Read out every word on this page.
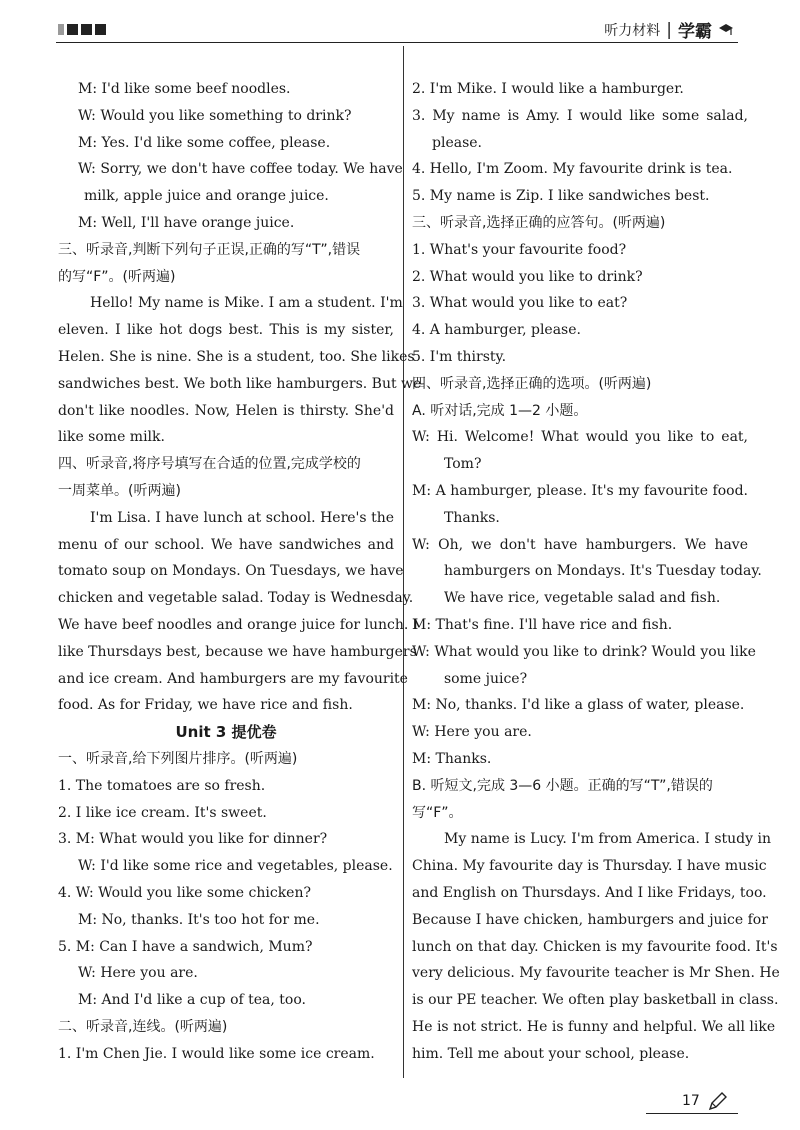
听力材料 | 学霸
M: I'd like some beef noodles.
W: Would you like something to drink?
M: Yes. I'd like some coffee, please.
W: Sorry, we don't have coffee today. We have
milk, apple juice and orange juice.
M: Well, I'll have orange juice.
三、听录音,判断下列句子正误,正确的写“T”,错误
的写“F”。(听两遍)
Hello! My name is Mike. I am a student. I'm
eleven. I like hot dogs best. This is my sister,
Helen. She is nine. She is a student, too. She likes
sandwiches best. We both like hamburgers. But we
don't like noodles. Now, Helen is thirsty. She'd
like some milk.
四、听录音,将序号填写在合适的位置,完成学校的
一周菜单。(听两遍)
I'm Lisa. I have lunch at school. Here's the
menu of our school. We have sandwiches and
tomato soup on Mondays. On Tuesdays, we have
chicken and vegetable salad. Today is Wednesday.
We have beef noodles and orange juice for lunch. I
like Thursdays best, because we have hamburgers
and ice cream. And hamburgers are my favourite
food. As for Friday, we have rice and fish.
Unit 3 提优卷
一、听录音,给下列图片排序。(听两遍)
1. The tomatoes are so fresh.
2. I like ice cream. It's sweet.
3. M: What would you like for dinner?
W: I'd like some rice and vegetables, please.
4. W: Would you like some chicken?
M: No, thanks. It's too hot for me.
5. M: Can I have a sandwich, Mum?
W: Here you are.
M: And I'd like a cup of tea, too.
二、听录音,连线。(听两遍)
1. I'm Chen Jie. I would like some ice cream.
2. I'm Mike. I would like a hamburger.
3. My name is Amy. I would like some salad,
please.
4. Hello, I'm Zoom. My favourite drink is tea.
5. My name is Zip. I like sandwiches best.
三、听录音,选择正确的应答句。(听两遍)
1. What's your favourite food?
2. What would you like to drink?
3. What would you like to eat?
4. A hamburger, please.
5. I'm thirsty.
四、听录音,选择正确的选项。(听两遍)
A. 听对话,完成 1—2 小题。
W: Hi. Welcome! What would you like to eat,
Tom?
M: A hamburger, please. It's my favourite food.
Thanks.
W: Oh, we don't have hamburgers. We have
hamburgers on Mondays. It's Tuesday today.
We have rice, vegetable salad and fish.
M: That's fine. I'll have rice and fish.
W: What would you like to drink? Would you like
some juice?
M: No, thanks. I'd like a glass of water, please.
W: Here you are.
M: Thanks.
B. 听短文,完成 3—6 小题。正确的写“T”,错误的
写“F”。
My name is Lucy. I'm from America. I study in
China. My favourite day is Thursday. I have music
and English on Thursdays. And I like Fridays, too.
Because I have chicken, hamburgers and juice for
lunch on that day. Chicken is my favourite food. It's
very delicious. My favourite teacher is Mr Shen. He
is our PE teacher. We often play basketball in class.
He is not strict. He is funny and helpful. We all like
him. Tell me about your school, please.
17
